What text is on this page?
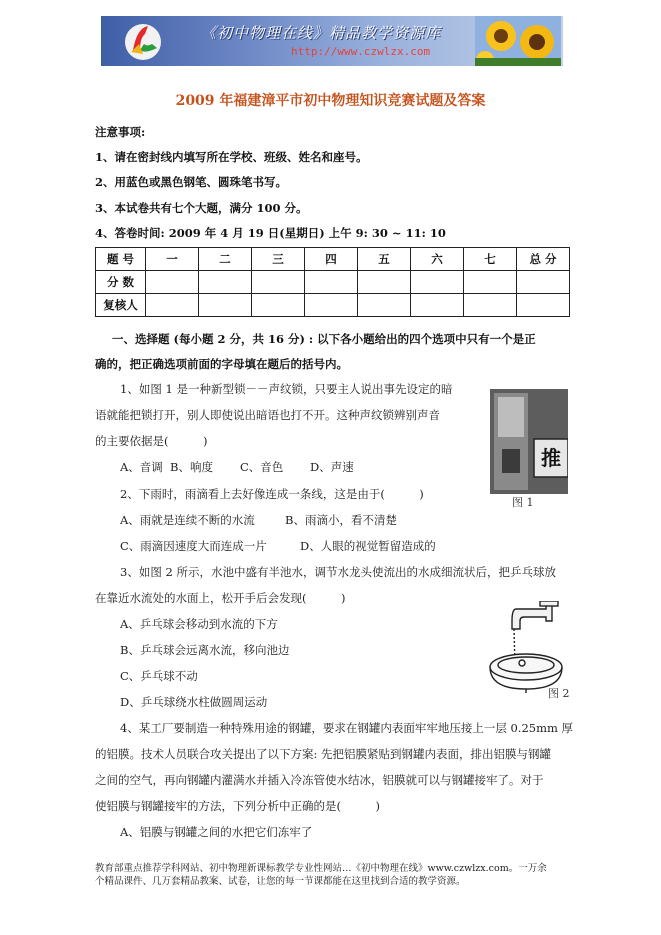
《初中物理在线》精品教学资源库
http://www.czwlzx.com
2009 年福建漳平市初中物理知识竞赛试题及答案
注意事项:
1、请在密封线内填写所在学校、班级、姓名和座号。
2、用蓝色或黑色钢笔、圆珠笔书写。
3、本试卷共有七个大题，满分 100 分。
4、答卷时间: 2009 年 4 月 19 日(星期日) 上午 9: 30 ~ 11: 10
题 号	一	二	三	四	五	六	七	总 分
分 数								
复核人								
一、选择题 (每小题 2 分，共 16 分) : 以下各小题给出的四个选项中只有一个是正
确的，把正确选项前面的字母填在题后的括号内。
1、如图 1 是一种新型锁－－声纹锁，只要主人说出事先设定的暗
语就能把锁打开，别人即使说出暗语也打不开。这种声纹锁辨别声音
的主要依据是(　　　)
A、音调 B、响度 C、音色 D、声速	推
图 1
2、下雨时，雨滴看上去好像连成一条线，这是由于(　　　)
A、雨就是连续不断的水流	B、雨滴小，看不清楚
C、雨滴因速度大而连成一片	D、人眼的视觉暂留造成的
3、如图 2 所示，水池中盛有半池水，调节水龙头使流出的水成细流状后，把乒乓球放
在靠近水流处的水面上，松开手后会发现(　　　)
A、乒乓球会移动到水流的下方
B、乒乓球会远离水流，移向池边
C、乒乓球不动
D、乒乓球绕水柱做圆周运动
图 2
4、某工厂要制造一种特殊用途的钢罐，要求在钢罐内表面牢牢地压接上一层 0.25mm 厚
的铝膜。技术人员联合攻关提出了以下方案: 先把铝膜紧贴到钢罐内表面，排出铝膜与钢罐
之间的空气，再向钢罐内灌满水并插入冷冻管使水结冰，铝膜就可以与钢罐接牢了。对于
使铝膜与钢罐接牢的方法，下列分析中正确的是(　　　)
A、铝膜与钢罐之间的水把它们冻牢了
教育部重点推荐学科网站、初中物理新课标教学专业性网站…《初中物理在线》www.czwlzx.com。一万余
个精品课件、几万套精品教案、试卷，让您的每一节课都能在这里找到合适的教学资源。
